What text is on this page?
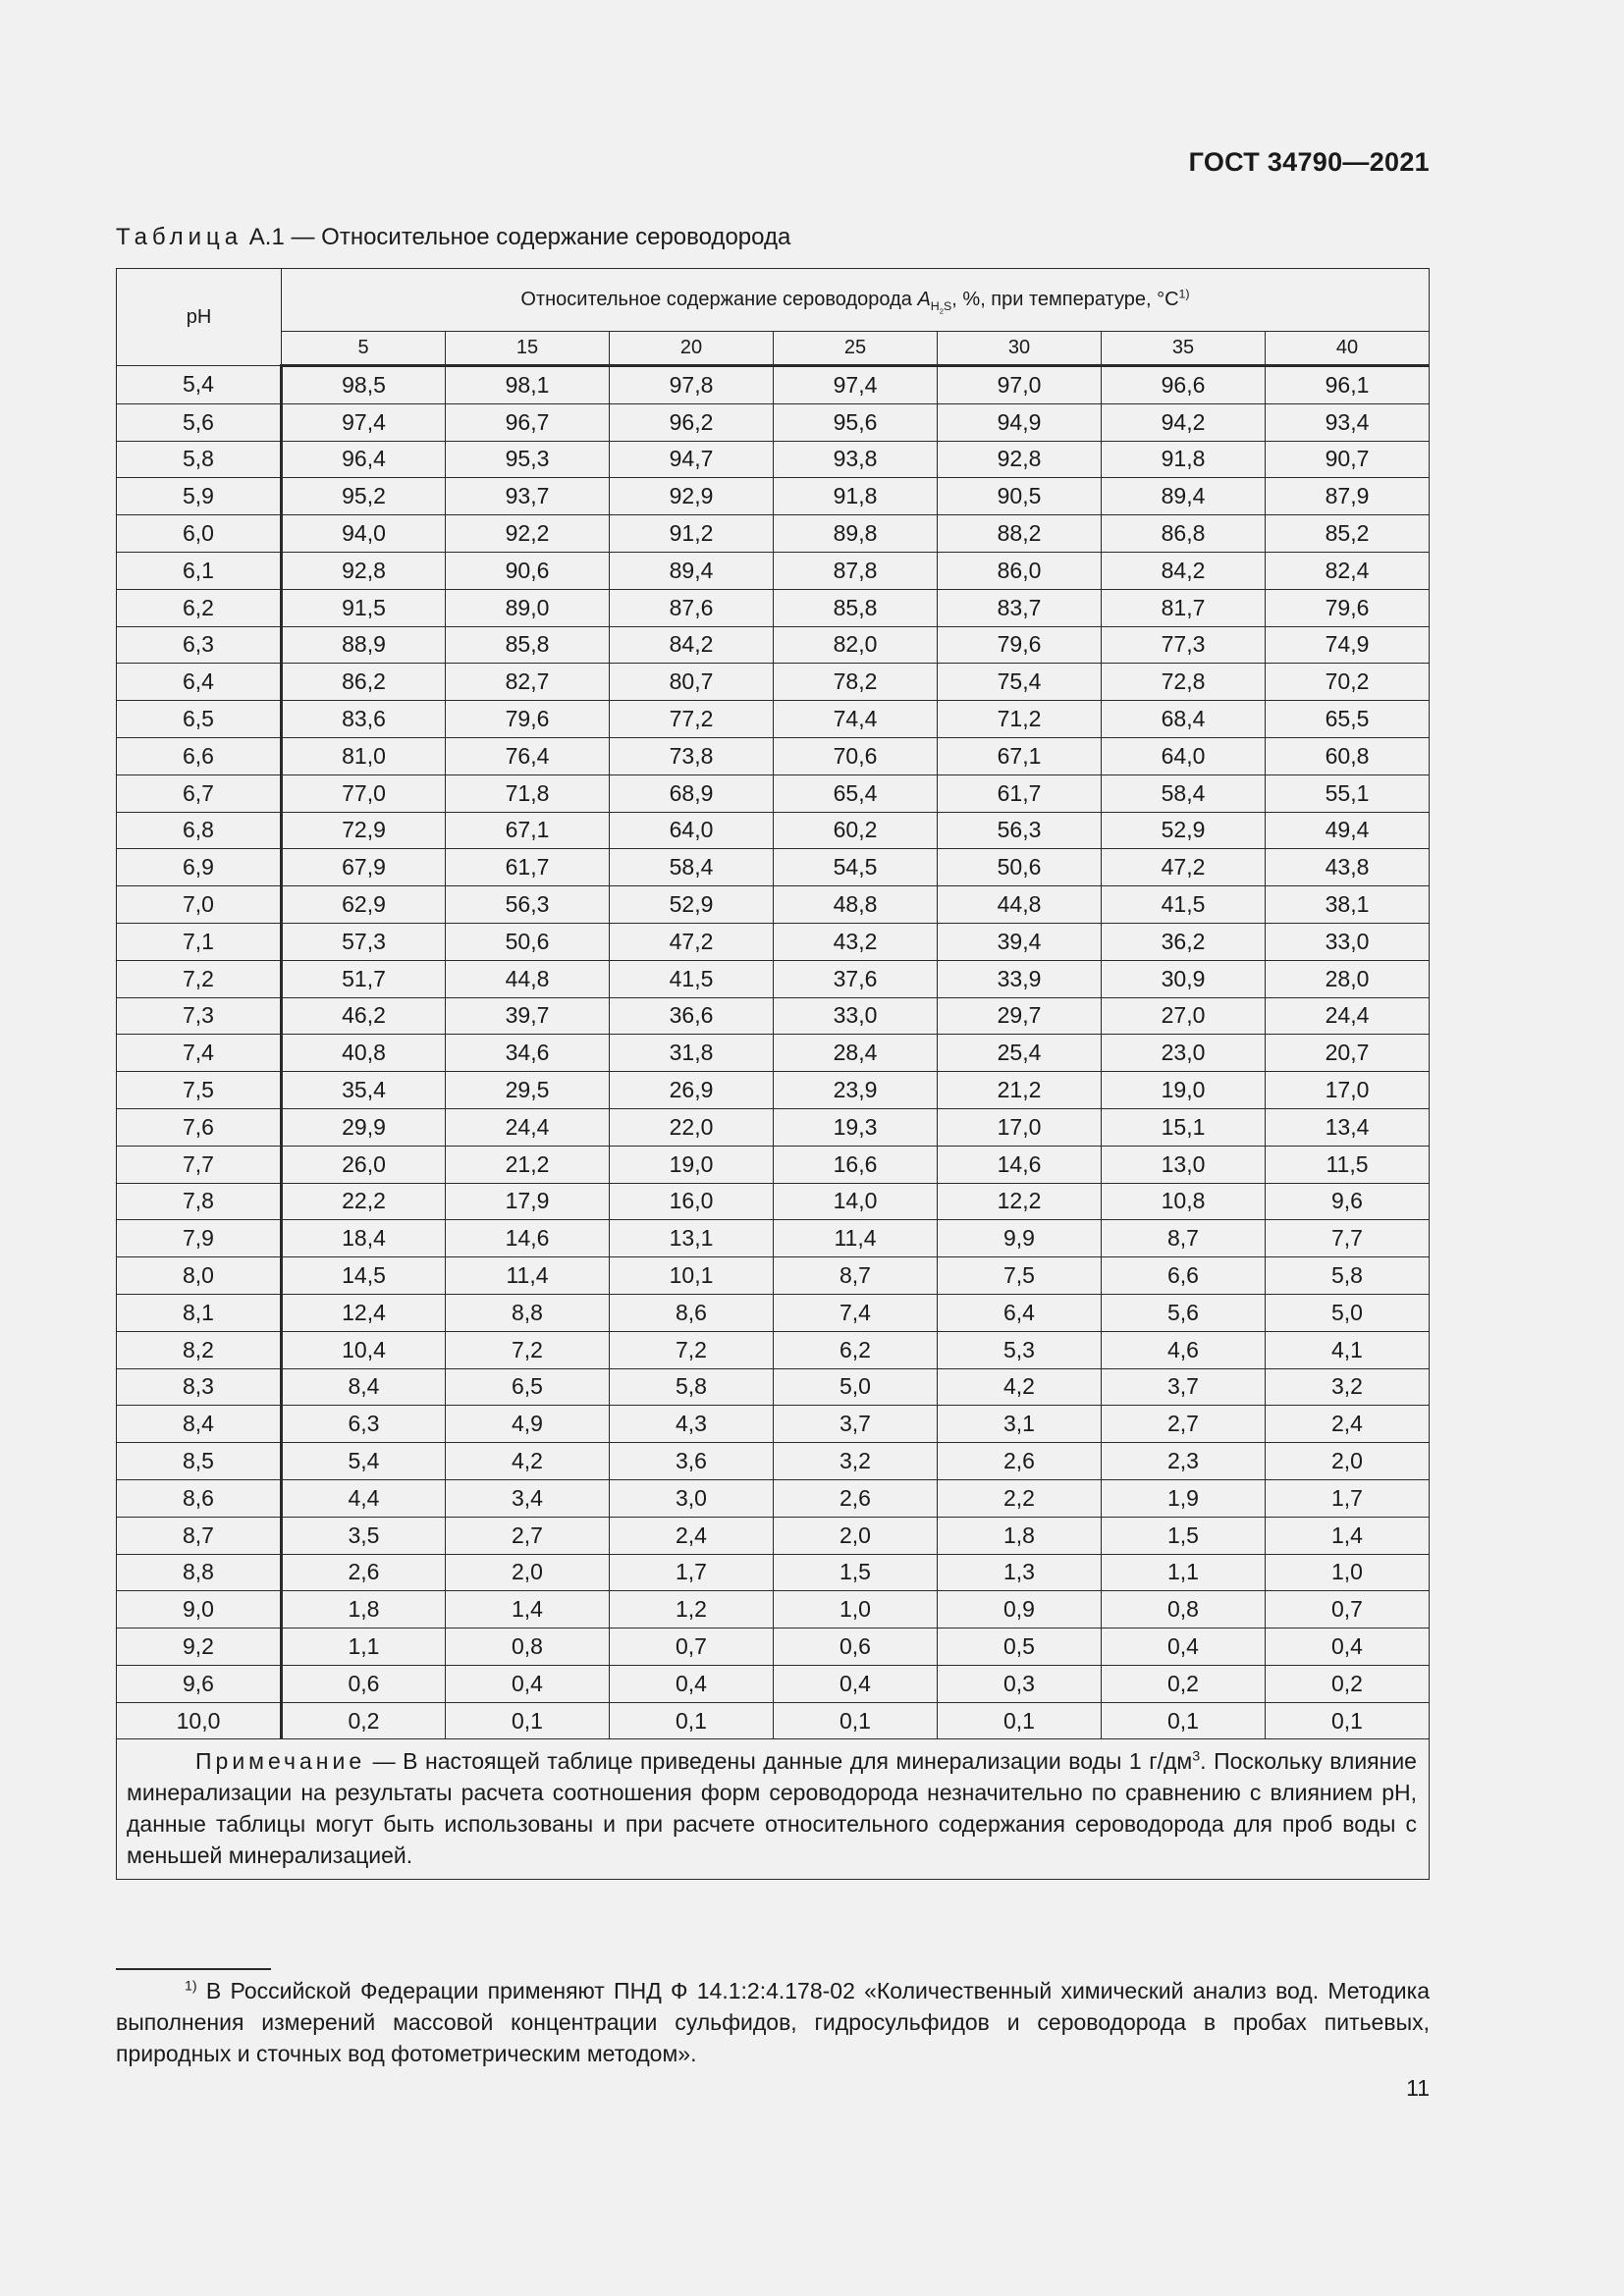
ГОСТ 34790—2021
Таблица А.1 — Относительное содержание сероводорода
pH	Относительное содержание сероводорода $A_{H_2S}$, %, при температуре, $^\circ С^{1)}$
	5	15	20	25	30	35	40
5,4	98,5	98,1	97,8	97,4	97,0	96,6	96,1
5,6	97,4	96,7	96,2	95,6	94,9	94,2	93,4
5,8	96,4	95,3	94,7	93,8	92,8	91,8	90,7
5,9	95,2	93,7	92,9	91,8	90,5	89,4	87,9
6,0	94,0	92,2	91,2	89,8	88,2	86,8	85,2
6,1	92,8	90,6	89,4	87,8	86,0	84,2	82,4
6,2	91,5	89,0	87,6	85,8	83,7	81,7	79,6
6,3	88,9	85,8	84,2	82,0	79,6	77,3	74,9
6,4	86,2	82,7	80,7	78,2	75,4	72,8	70,2
6,5	83,6	79,6	77,2	74,4	71,2	68,4	65,5
6,6	81,0	76,4	73,8	70,6	67,1	64,0	60,8
6,7	77,0	71,8	68,9	65,4	61,7	58,4	55,1
6,8	72,9	67,1	64,0	60,2	56,3	52,9	49,4
6,9	67,9	61,7	58,4	54,5	50,6	47,2	43,8
7,0	62,9	56,3	52,9	48,8	44,8	41,5	38,1
7,1	57,3	50,6	47,2	43,2	39,4	36,2	33,0
7,2	51,7	44,8	41,5	37,6	33,9	30,9	28,0
7,3	46,2	39,7	36,6	33,0	29,7	27,0	24,4
7,4	40,8	34,6	31,8	28,4	25,4	23,0	20,7
7,5	35,4	29,5	26,9	23,9	21,2	19,0	17,0
7,6	29,9	24,4	22,0	19,3	17,0	15,1	13,4
7,7	26,0	21,2	19,0	16,6	14,6	13,0	11,5
7,8	22,2	17,9	16,0	14,0	12,2	10,8	9,6
7,9	18,4	14,6	13,1	11,4	9,9	8,7	7,7
8,0	14,5	11,4	10,1	8,7	7,5	6,6	5,8
8,1	12,4	8,8	8,6	7,4	6,4	5,6	5,0
8,2	10,4	7,2	7,2	6,2	5,3	4,6	4,1
8,3	8,4	6,5	5,8	5,0	4,2	3,7	3,2
8,4	6,3	4,9	4,3	3,7	3,1	2,7	2,4
8,5	5,4	4,2	3,6	3,2	2,6	2,3	2,0
8,6	4,4	3,4	3,0	2,6	2,2	1,9	1,7
8,7	3,5	2,7	2,4	2,0	1,8	1,5	1,4
8,8	2,6	2,0	1,7	1,5	1,3	1,1	1,0
9,0	1,8	1,4	1,2	1,0	0,9	0,8	0,7
9,2	1,1	0,8	0,7	0,6	0,5	0,4	0,4
9,6	0,6	0,4	0,4	0,4	0,3	0,2	0,2
10,0	0,2	0,1	0,1	0,1	0,1	0,1	0,1
Примечание — В настоящей таблице приведены данные для минерализации воды 1 $г/дм^3$. Поскольку влияние минерализации на результаты расчета соотношения форм сероводорода незначительно по сравнению с влиянием рН, данные таблицы могут быть использованы и при расчете относительного содержания сероводорода для проб воды с меньшей минерализацией.							
$^{1)}$ В Российской Федерации применяют ПНД Ф 14.1:2:4.178-02 «Количественный химический анализ вод. Методика выполнения измерений массовой концентрации сульфидов, гидросульфидов и сероводорода в пробах питьевых, природных и сточных вод фотометрическим методом».
11
